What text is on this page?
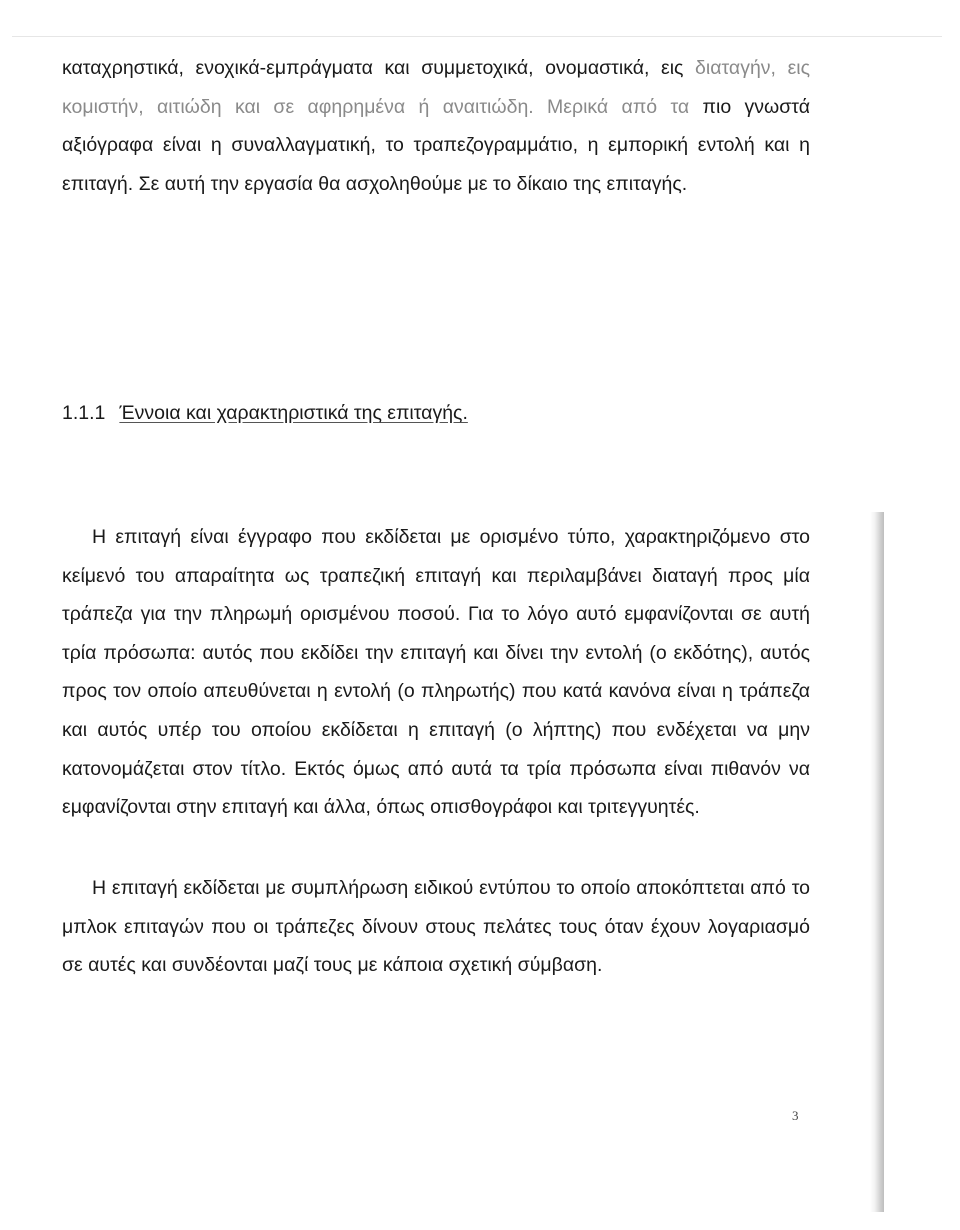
καταχρηστικά, ενοχικά-εμπράγματα και συμμετοχικά, ονομαστικά, εις διαταγήν, εις κομιστήν, αιτιώδη και σε αφηρημένα ή αναιτιώδη. Μερικά από τα πιο γνωστά αξιόγραφα είναι η συναλλαγματική, το τραπεζογραμμάτιο, η εμπορική εντολή και η επιταγή. Σε αυτή την εργασία θα ασχοληθούμε με το δίκαιο της επιταγής.

1.1.1 Έννοια και χαρακτηριστικά της επιταγής.

Η επιταγή είναι έγγραφο που εκδίδεται με ορισμένο τύπο, χαρακτηριζόμενο στο κείμενό του απαραίτητα ως τραπεζική επιταγή και περιλαμβάνει διαταγή προς μία τράπεζα για την πληρωμή ορισμένου ποσού. Για το λόγο αυτό εμφανίζονται σε αυτή τρία πρόσωπα: αυτός που εκδίδει την επιταγή και δίνει την εντολή (ο εκδότης), αυτός προς τον οποίο απευθύνεται η εντολή (ο πληρωτής) που κατά κανόνα είναι η τράπεζα και αυτός υπέρ του οποίου εκδίδεται η επιταγή (ο λήπτης) που ενδέχεται να μην κατονομάζεται στον τίτλο. Εκτός όμως από αυτά τα τρία πρόσωπα είναι πιθανόν να εμφανίζονται στην επιταγή και άλλα, όπως οπισθογράφοι και τριτεγγυητές.

Η επιταγή εκδίδεται με συμπλήρωση ειδικού εντύπου το οποίο αποκόπτεται από το μπλοκ επιταγών που οι τράπεζες δίνουν στους πελάτες τους όταν έχουν λογαριασμό σε αυτές και συνδέονται μαζί τους με κάποια σχετική σύμβαση.

3
